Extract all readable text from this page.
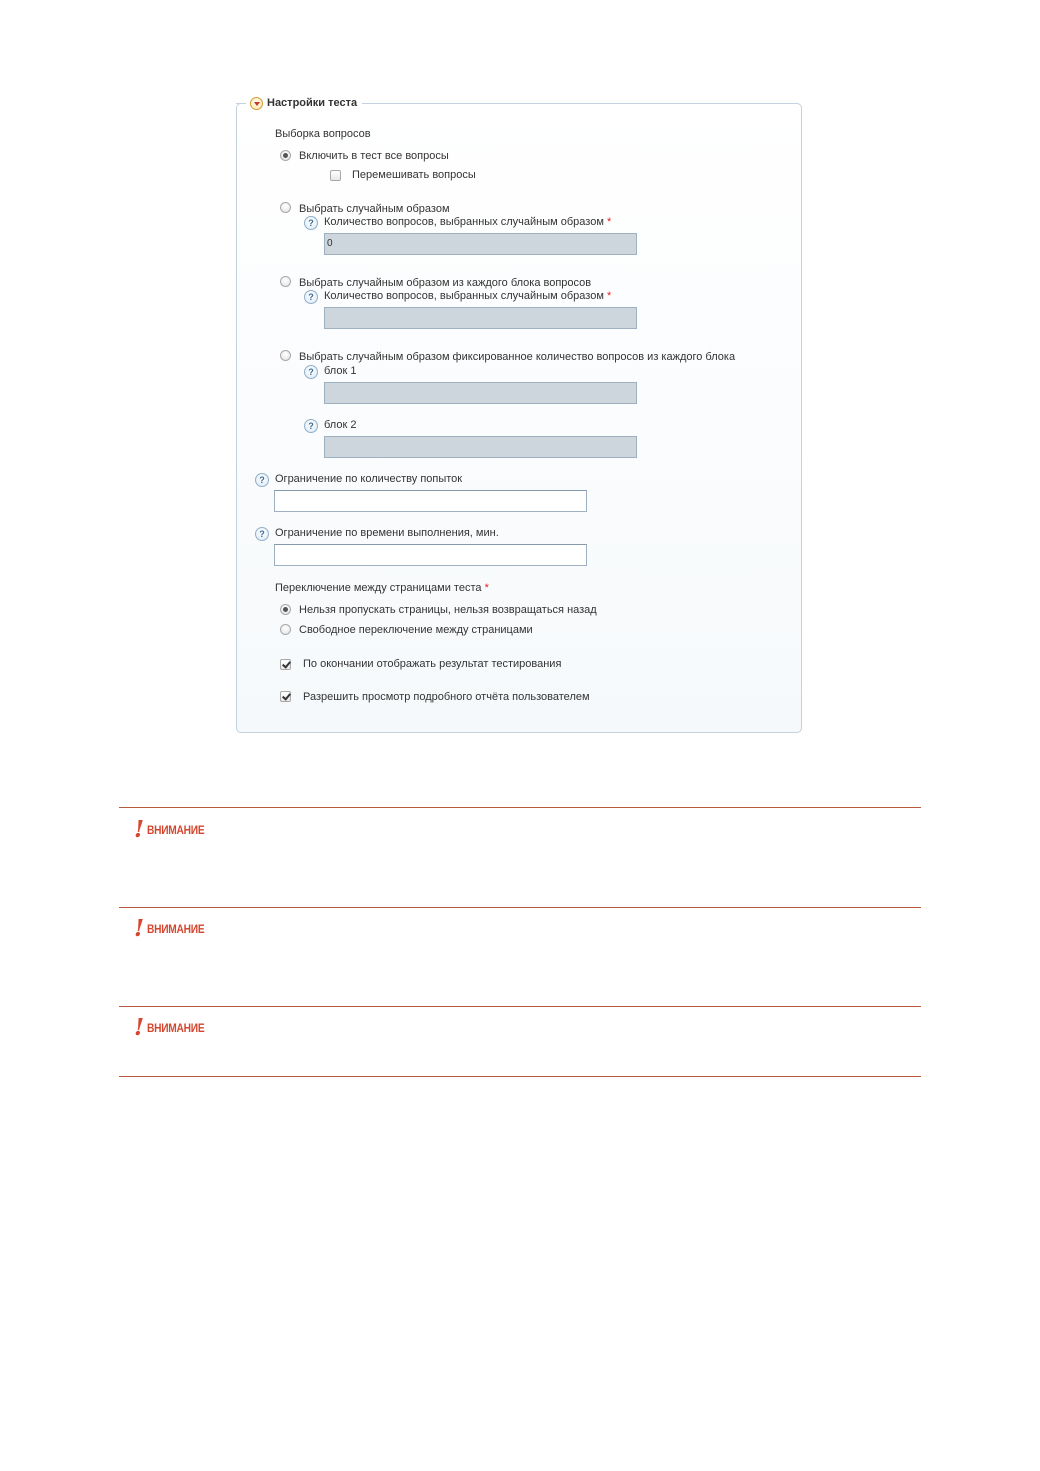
Настройки теста
Выборка вопросов
Включить в тест все вопросы
Перемешивать вопросы
Выбрать случайным образом
? Количество вопросов, выбранных случайным образом *
0
Выбрать случайным образом из каждого блока вопросов
? Количество вопросов, выбранных случайным образом *
Выбрать случайным образом фиксированное количество вопросов из каждого блока
? блок 1
? блок 2
? Ограничение по количеству попыток
? Ограничение по времени выполнения, мин.
Переключение между страницами теста *
Нельзя пропускать страницы, нельзя возвращаться назад
Свободное переключение между страницами
По окончании отображать результат тестирования
Разрешить просмотр подробного отчёта пользователем
! ВНИМАНИЕ
! ВНИМАНИЕ
! ВНИМАНИЕ
